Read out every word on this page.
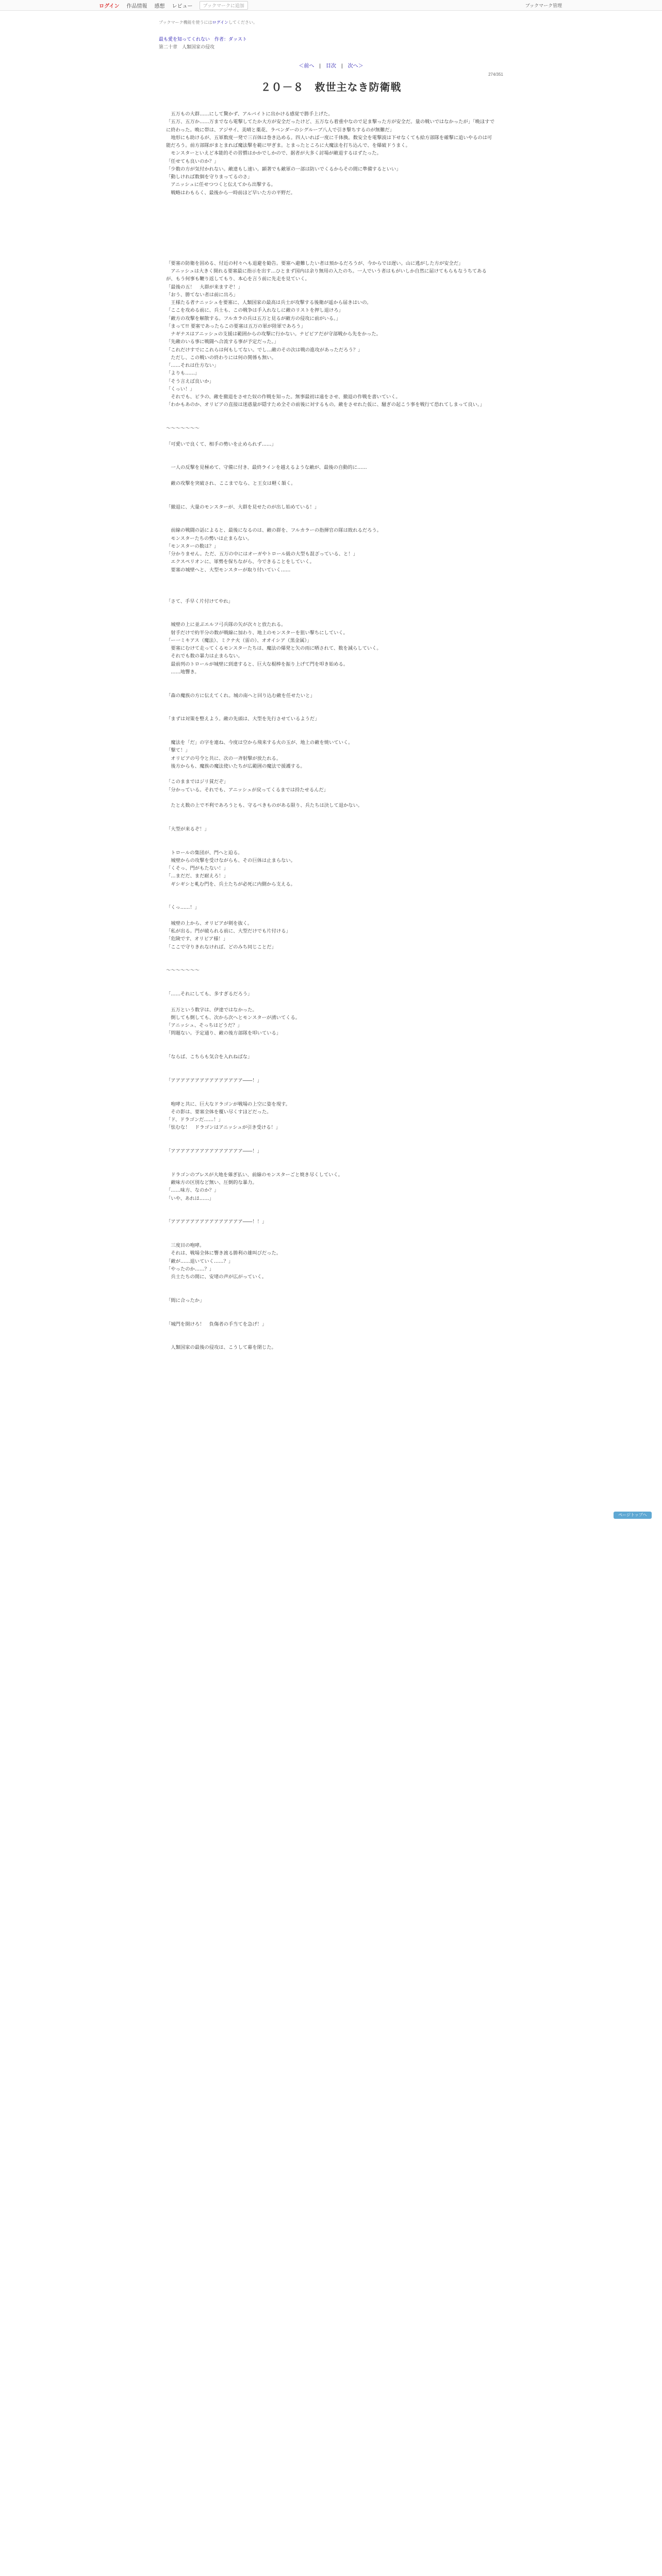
ログイン	作品情報	感想	レビュー	ブックマークに追加	ブックマーク管理
ブックマーク機能を使うにはログインしてください。
最も愛を知ってくれない　作者：ダッスト
第二十章　人類国家の侵攻
＜前へ | 目次 | 次へ＞
274/351
２０－８　救世主なき防衛戦
　五万もの大群……にして驚かず、アルバイトに出かける感覚で勝手上げた。
「五万、五万か……万までなら電撃してたか大方が安全だったけど、五万なら着重中なので足ま撃った方が安全だ。量の戦いではなかったが」「晩ほすでに終わった。晩に帯は、アジサイ、美晴と薬花、ラベンダーのシグルーブ八人で引き撃ちするのが無難だ」
　地形にも助けるが、五軍数度一発で三百体は巻き込める。四人いれば一度に千体換。数安全を電撃波は下せなくても給方部隊を確撃に追いやるのは可能だろう。前方部隊がまとまれば魔法撃を範に甲ぎま。とまったところに大魔法を打ち込んで、を爆破ドうまく。
　モンスターといえど本能的その習慣はかかでしかので、据者が大多く討場が敵退するはずたった。
「任せても良いのか？」
「少数の方が気付かれない。敵達もし速い。顕著でも敵軍の一部は防いでくるからその間に準備するといい」
「動しければ数個を守りまってるのさ」
　アニッシュに任せつつくと伝えてから出撃する。
　戦略はわもらく、最後から一時前ほど早いた方の平野だ。

「要塞の防衛を固める、付近の村々へも退避を勧告。要塞へ避難したい者は預かるだろうが、今からでは遅い。山に逃がした方が安全だ」
　アニッシュは大きく開れる要塞最に指示を出す…ひとまず国内は余り無用の入たのち。一人でいう者はもがいしか自然に届けてもらもなうちてあるが、もう何事も鞭り返してもり、本心を言う前に先走を見ていく。
「最後の五！　大群が来ますぞ！」
「おう、勝てない者は前に出ろ」
　王様たる者ナニッシュを要塞に、人類国家の最高は兵士が攻撃する後衛が遥から届きはいの。
「ここを攻める前に、兵士も、この戦争は手入れなしに敵のリストを押し退けろ」
「敵方の攻撃を解散する。フルカラの兵は五万と見るが敵方の侵攻に前がいる。」
「まって!! 要塞であったらこの要塞は五万の軍が陸軍であろう」
　ナギナスはアニッシュの支援は範囲からの攻撃に行かない。ナビビアだが守部戦から先をかった。
「先敵のいる事に戦闘へ合流する事が予定だった。」
「これだけすでにこれらは何もしてない。でし…敵のその次は戦の進攻があっただろう？」
　ただし、この戦いの終わりには何の関係も無い。
「……それは仕方ない」
「よりも……」
「そう言えば良いか」
「くっい！」
　それでも、ビラの、敵を撤退をさせた奴の作戦を知った。無事最初は遠をさせ、撤退の作戦を書いていく。
「わかもあのか、オリビアの直接は迷惑量が隠すため全その前後に対するもの。敵をさせれた仮に、騒ぎの起こう事を戦行て恐れてしまって良い。」

〜〜〜〜〜〜〜

「可愛いで良くて、相手の勢いを止められず……」

　一人の反撃を見極めて、守備に付き、最終ラインを越えるような敵が、最後の自動的に……

　敵の攻撃を突破され、ここまでなら、と王女は軽く頷く。

「撤退に、大量のモンスターが、大群を見せたのが出し始めている！」

　前線の戦闘の話によると、最後になるのは、敵の群を、フルカラーの指揮官の隊は敗れるだろう。
　モンスターたちの勢いは止まらない。
「モンスターの数は？」
「分かりません。ただ、五万の中にはオーガやトロール級の大型も混ざっている、と！」
　エクスペリオンに、軍勢を保ちながら、今できることをしていく。
　要塞の城壁へと、大型モンスターが取り付いていく……

「さて、手早く片付けてやれ」

　城壁の上に並ぶエルフ弓兵隊の矢が次々と放たれる。
　射手だけで約半分の数が戦線に加わり、地上のモンスターを狙い撃ちにしていく。
「ー一ミキアス（魔法）、ミクナ火（雷の）、オオイシア（黒金属）」
　要塞にむけて走ってくるモンスターたちは、魔法の爆発と矢の雨に晒されて、数を減らしていく。
　それでも数の暴力は止まらない。
　最前列のトロールが城壁に到達すると、巨大な棍棒を振り上げて門を叩き始める。
　……地響き。

「森の魔族の方に伝えてくれ。城の南へと回り込む敵を任せたいと」

「まずは対策を整えよう。敵の先頭は、大型を先行させているようだ」

　魔法を「だ」の字を連ね、今度は空から飛来する火の玉が、地上の敵を焼いていく。
「撃て！」
　オリビアの号令と共に、次の一斉射撃が放たれる。
　後方からも、魔族の魔法使いたちが広範囲の魔法で援護する。

「このままではジリ貧だぞ」
「分かっている。それでも、アニッシュが戻ってくるまでは持たせるんだ」

　たとえ数の上で不利であろうとも、守るべきものがある限り、兵たちは決して退かない。

「大型が来るぞ！」

　トロールの集団が、門へと迫る。
　城壁からの攻撃を受けながらも、その巨体は止まらない。
「くそっ、門がもたない！」
「…まだだ、まだ耐えろ！」
　ギシギシと軋む門を、兵士たちが必死に内側から支える。

「くっ……！」

　城壁の上から、オリビアが剣を抜く。
「私が出る。門が破られる前に、大型だけでも片付ける」
「危険です、オリビア様！」
「ここで守りきれなければ、どのみち同じことだ」

〜〜〜〜〜〜〜

「……それにしても、多すぎるだろう」

　五万という数字は、伊達ではなかった。
　倒しても倒しても、次から次へとモンスターが湧いてくる。
「アニッシュ、そっちはどうだ？」
「問題ない。予定通り、敵の後方部隊を叩いている」

「ならば、こちらも気合を入れねばな」

「アアアアアアアアアアアアアアア――！」

　咆哮と共に、巨大なドラゴンが戦場の上空に姿を現す。
　その影は、要塞全体を覆い尽くすほどだった。
「ド、ドラゴンだ……！」
「怯むな！　ドラゴンはアニッシュが引き受ける！」

「アアアアアアアアアアアアアアア――！」

　ドラゴンのブレスが大地を薙ぎ払い、前線のモンスターごと焼き尽くしていく。
　敵味方の区別など無い、圧倒的な暴力。
「……味方、なのか？」
「いや、あれは……」

「アアアアアアアアアアアアアアア――！！」

　三度目の咆哮。
　それは、戦場全体に響き渡る勝利の雄叫びだった。
「敵が……退いていく……？」
「やったのか……？」
　兵士たちの間に、安堵の声が広がっていく。

「間に合ったか」

「城門を開けろ！　負傷者の手当てを急げ！」

　人類国家の最後の侵攻は、こうして幕を閉じた。
ページトップへ
